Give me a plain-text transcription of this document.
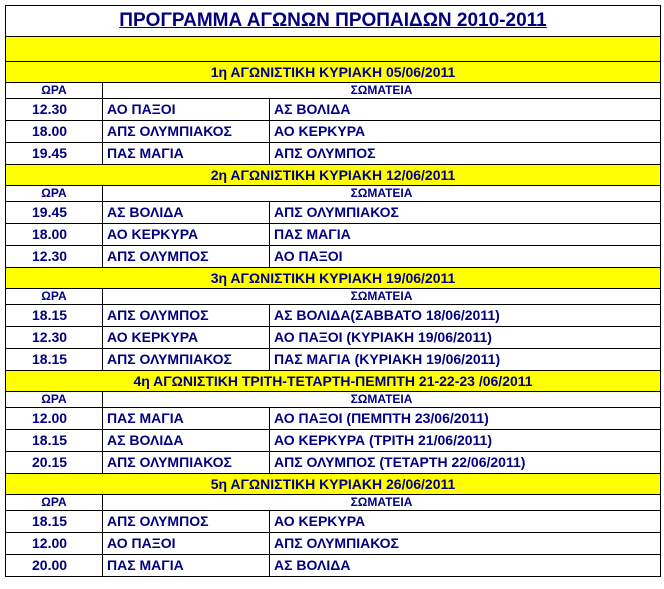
ΠΡΟΓΡΑΜΜΑ ΑΓΩΝΩΝ ΠΡΟΠΑΙΔΩΝ 2010-2011		

1η ΑΓΩΝΙΣΤΙΚΗ ΚΥΡΙΑΚΗ 05/06/2011		
ΩΡΑ	ΣΩΜΑΤΕΙΑ	
12.30	ΑΟ ΠΑΞΟΙ	ΑΣ ΒΟΛΙΔΑ
18.00	ΑΠΣ ΟΛΥΜΠΙΑΚΟΣ	ΑΟ ΚΕΡΚΥΡΑ
19.45	ΠΑΣ ΜΑΓΙΑ	ΑΠΣ ΟΛΥΜΠΟΣ
2η ΑΓΩΝΙΣΤΙΚΗ ΚΥΡΙΑΚΗ 12/06/2011		
ΩΡΑ	ΣΩΜΑΤΕΙΑ	
19.45	ΑΣ ΒΟΛΙΔΑ	ΑΠΣ ΟΛΥΜΠΙΑΚΟΣ
18.00	ΑΟ ΚΕΡΚΥΡΑ	ΠΑΣ ΜΑΓΙΑ
12.30	ΑΠΣ ΟΛΥΜΠΟΣ	ΑΟ ΠΑΞΟΙ
3η ΑΓΩΝΙΣΤΙΚΗ ΚΥΡΙΑΚΗ 19/06/2011		
ΩΡΑ	ΣΩΜΑΤΕΙΑ	
18.15	ΑΠΣ ΟΛΥΜΠΟΣ	ΑΣ ΒΟΛΙΔΑ(ΣΑΒΒΑΤΟ 18/06/2011)
12.30	ΑΟ ΚΕΡΚΥΡΑ	ΑΟ ΠΑΞΟΙ (ΚΥΡΙΑΚΗ 19/06/2011)
18.15	ΑΠΣ ΟΛΥΜΠΙΑΚΟΣ	ΠΑΣ ΜΑΓΙΑ (ΚΥΡΙΑΚΗ 19/06/2011)
4η ΑΓΩΝΙΣΤΙΚΗ ΤΡΙΤΗ-ΤΕΤΑΡΤΗ-ΠΕΜΠΤΗ 21-22-23 /06/2011		
ΩΡΑ	ΣΩΜΑΤΕΙΑ	
12.00	ΠΑΣ ΜΑΓΙΑ	ΑΟ ΠΑΞΟΙ (ΠΕΜΠΤΗ 23/06/2011)
18.15	ΑΣ ΒΟΛΙΔΑ	ΑΟ ΚΕΡΚΥΡΑ (ΤΡΙΤΗ 21/06/2011)
20.15	ΑΠΣ ΟΛΥΜΠΙΑΚΟΣ	ΑΠΣ ΟΛΥΜΠΟΣ (ΤΕΤΑΡΤΗ 22/06/2011)
5η ΑΓΩΝΙΣΤΙΚΗ ΚΥΡΙΑΚΗ 26/06/2011		
ΩΡΑ	ΣΩΜΑΤΕΙΑ	
18.15	ΑΠΣ ΟΛΥΜΠΟΣ	ΑΟ ΚΕΡΚΥΡΑ
12.00	ΑΟ ΠΑΞΟΙ	ΑΠΣ ΟΛΥΜΠΙΑΚΟΣ
20.00	ΠΑΣ ΜΑΓΙΑ	ΑΣ ΒΟΛΙΔΑ
